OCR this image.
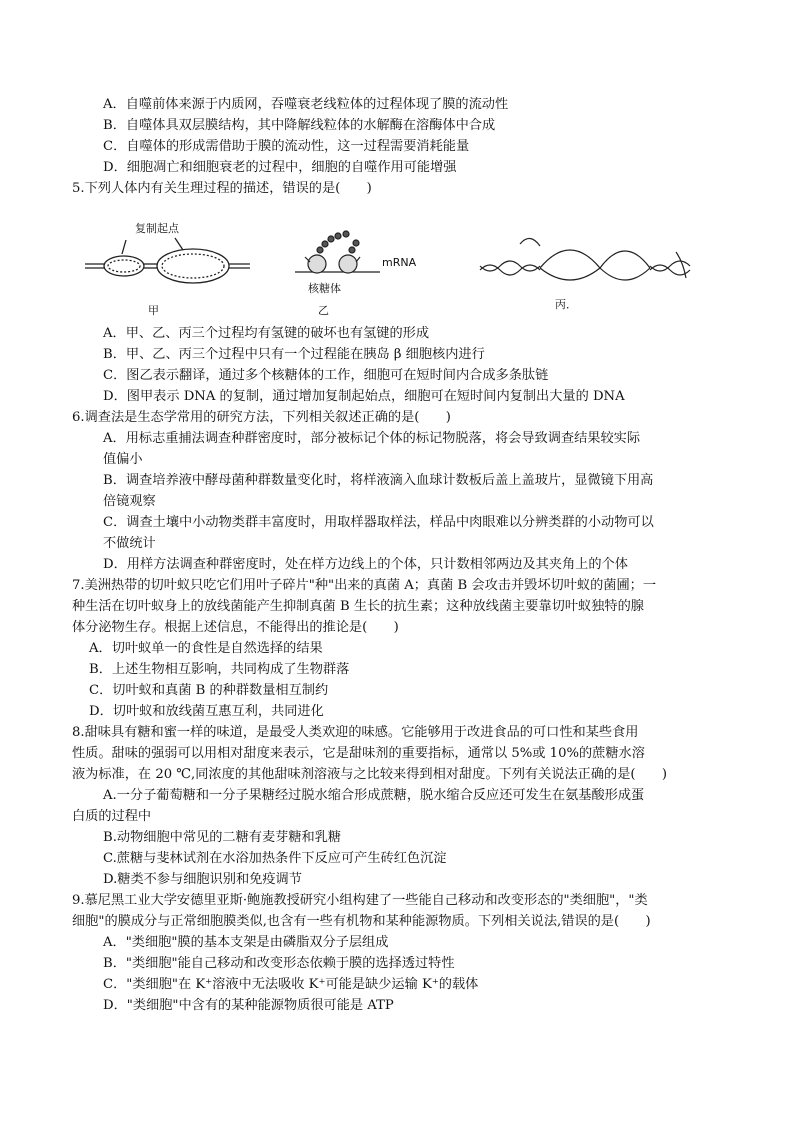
A．自噬前体来源于内质网，吞噬衰老线粒体的过程体现了膜的流动性
B．自噬体具双层膜结构，其中降解线粒体的水解酶在溶酶体中合成
C．自噬体的形成需借助于膜的流动性，这一过程需要消耗能量
D．细胞凋亡和细胞衰老的过程中，细胞的自噬作用可能增强
5.下列人体内有关生理过程的描述，错误的是(　　)
复制起点
核糖体
mRNA
甲	乙	丙．
A．甲、乙、丙三个过程均有氢键的破坏也有氢键的形成
B．甲、乙、丙三个过程中只有一个过程能在胰岛 β 细胞核内进行
C．图乙表示翻译，通过多个核糖体的工作，细胞可在短时间内合成多条肽链
D．图甲表示 DNA 的复制，通过增加复制起始点，细胞可在短时间内复制出大量的 DNA
6.调查法是生态学常用的研究方法，下列相关叙述正确的是(　　)
A．用标志重捕法调查种群密度时，部分被标记个体的标记物脱落，将会导致调查结果较实际
值偏小
B．调查培养液中酵母菌种群数量变化时，将样液滴入血球计数板后盖上盖玻片，显微镜下用高
倍镜观察
C．调查土壤中小动物类群丰富度时，用取样器取样法，样品中肉眼难以分辨类群的小动物可以
不做统计
D．用样方法调查种群密度时，处在样方边线上的个体，只计数相邻两边及其夹角上的个体
7.美洲热带的切叶蚁只吃它们用叶子碎片"种"出来的真菌 A；真菌 B 会攻击并毁坏切叶蚁的菌圃；一
种生活在切叶蚁身上的放线菌能产生抑制真菌 B 生长的抗生素；这种放线菌主要靠切叶蚁独特的腺
体分泌物生存。根据上述信息，不能得出的推论是(　　)
A．切叶蚁单一的食性是自然选择的结果
B．上述生物相互影响，共同构成了生物群落
C．切叶蚁和真菌 B 的种群数量相互制约
D．切叶蚁和放线菌互惠互利，共同进化
8.甜味具有糖和蜜一样的味道，是最受人类欢迎的味感。它能够用于改进食品的可口性和某些食用
性质。甜味的强弱可以用相对甜度来表示，它是甜味剂的重要指标，通常以 5%或 10%的蔗糖水溶
液为标准，在 20 ℃,同浓度的其他甜味剂溶液与之比较来得到相对甜度。下列有关说法正确的是(　　)
A.一分子葡萄糖和一分子果糖经过脱水缩合形成蔗糖，脱水缩合反应还可发生在氨基酸形成蛋
白质的过程中
B.动物细胞中常见的二糖有麦芽糖和乳糖
C.蔗糖与斐林试剂在水浴加热条件下反应可产生砖红色沉淀
D.糖类不参与细胞识别和免疫调节
9.慕尼黑工业大学安德里亚斯·鲍施教授研究小组构建了一些能自己移动和改变形态的"类细胞"，"类
细胞"的膜成分与正常细胞膜类似,也含有一些有机物和某种能源物质。下列相关说法,错误的是(　　)
A．"类细胞"膜的基本支架是由磷脂双分子层组成
B．"类细胞"能自己移动和改变形态依赖于膜的选择透过特性
C．"类细胞"在 K⁺溶液中无法吸收 K⁺可能是缺少运输 K⁺的载体
D．"类细胞"中含有的某种能源物质很可能是 ATP
